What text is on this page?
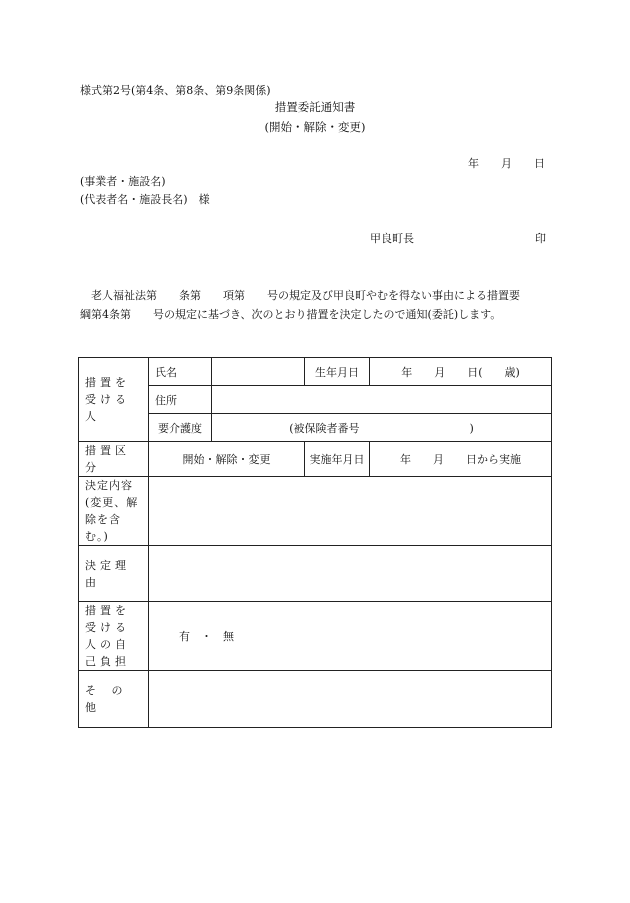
様式第2号(第4条、第8条、第9条関係)
措置委託通知書
(開始・解除・変更)
年　　月　　日
(事業者・施設名)
(代表者名・施設長名)　様
甲良町長	印

老人福祉法第　　条第　　項第　　号の規定及び甲良町やむを得ない事由による措置要

綱第4条第　　号の規定に基づき、次のとおり措置を決定したので通知(委託)します。

措置を受ける人	氏名		生年月日	年　　月　　日(　　歳)
	住所			
	要介護度	(被保険者番号　　　　　　　　　　)		
措置区分	開始・解除・変更		実施年月日	年　　月　　日から実施
決定内容(変更、解除を含む。)				
決定理由				
措置を受ける人の自己負担	有　・　無			
そ の 他				
